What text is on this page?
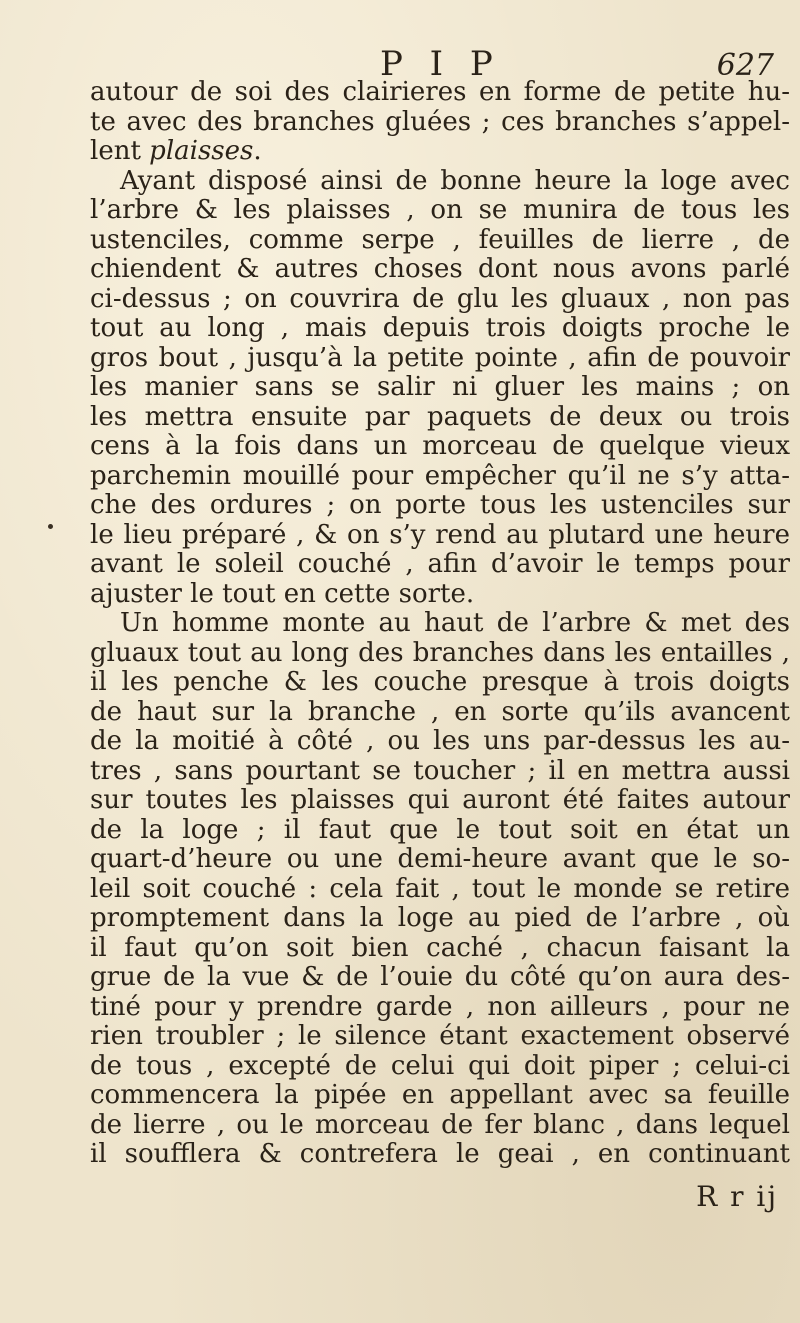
P I P	627
autour de soi des clairieres en forme de petite hu-
te avec des branches gluées ; ces branches s’appel-
lent plaisses.
Ayant disposé ainsi de bonne heure la loge avec
l’arbre & les plaisses , on se munira de tous les
ustenciles, comme serpe , feuilles de lierre , de
chiendent & autres choses dont nous avons parlé
ci-dessus ; on couvrira de glu les gluaux , non pas
tout au long , mais depuis trois doigts proche le
gros bout , jusqu’à la petite pointe , afin de pouvoir
les manier sans se salir ni gluer les mains ; on
les mettra ensuite par paquets de deux ou trois
cens à la fois dans un morceau de quelque vieux
parchemin mouillé pour empêcher qu’il ne s’y atta-
che des ordures ; on porte tous les ustenciles sur
le lieu préparé , & on s’y rend au plutard une heure
avant le soleil couché , afin d’avoir le temps pour
ajuster le tout en cette sorte.
Un homme monte au haut de l’arbre & met des
gluaux tout au long des branches dans les entailles ,
il les penche & les couche presque à trois doigts
de haut sur la branche , en sorte qu’ils avancent
de la moitié à côté , ou les uns par-dessus les au-
tres , sans pourtant se toucher ; il en mettra aussi
sur toutes les plaisses qui auront été faites autour
de la loge ; il faut que le tout soit en état un
quart-d’heure ou une demi-heure avant que le so-
leil soit couché : cela fait , tout le monde se retire
promptement dans la loge au pied de l’arbre , où
il faut qu’on soit bien caché , chacun faisant la
grue de la vue & de l’ouie du côté qu’on aura des-
tiné pour y prendre garde , non ailleurs , pour ne
rien troubler ; le silence étant exactement observé
de tous , excepté de celui qui doit piper ; celui-ci
commencera la pipée en appellant avec sa feuille
de lierre , ou le morceau de fer blanc , dans lequel
il soufflera & contrefera le geai , en continuant
R r ij
